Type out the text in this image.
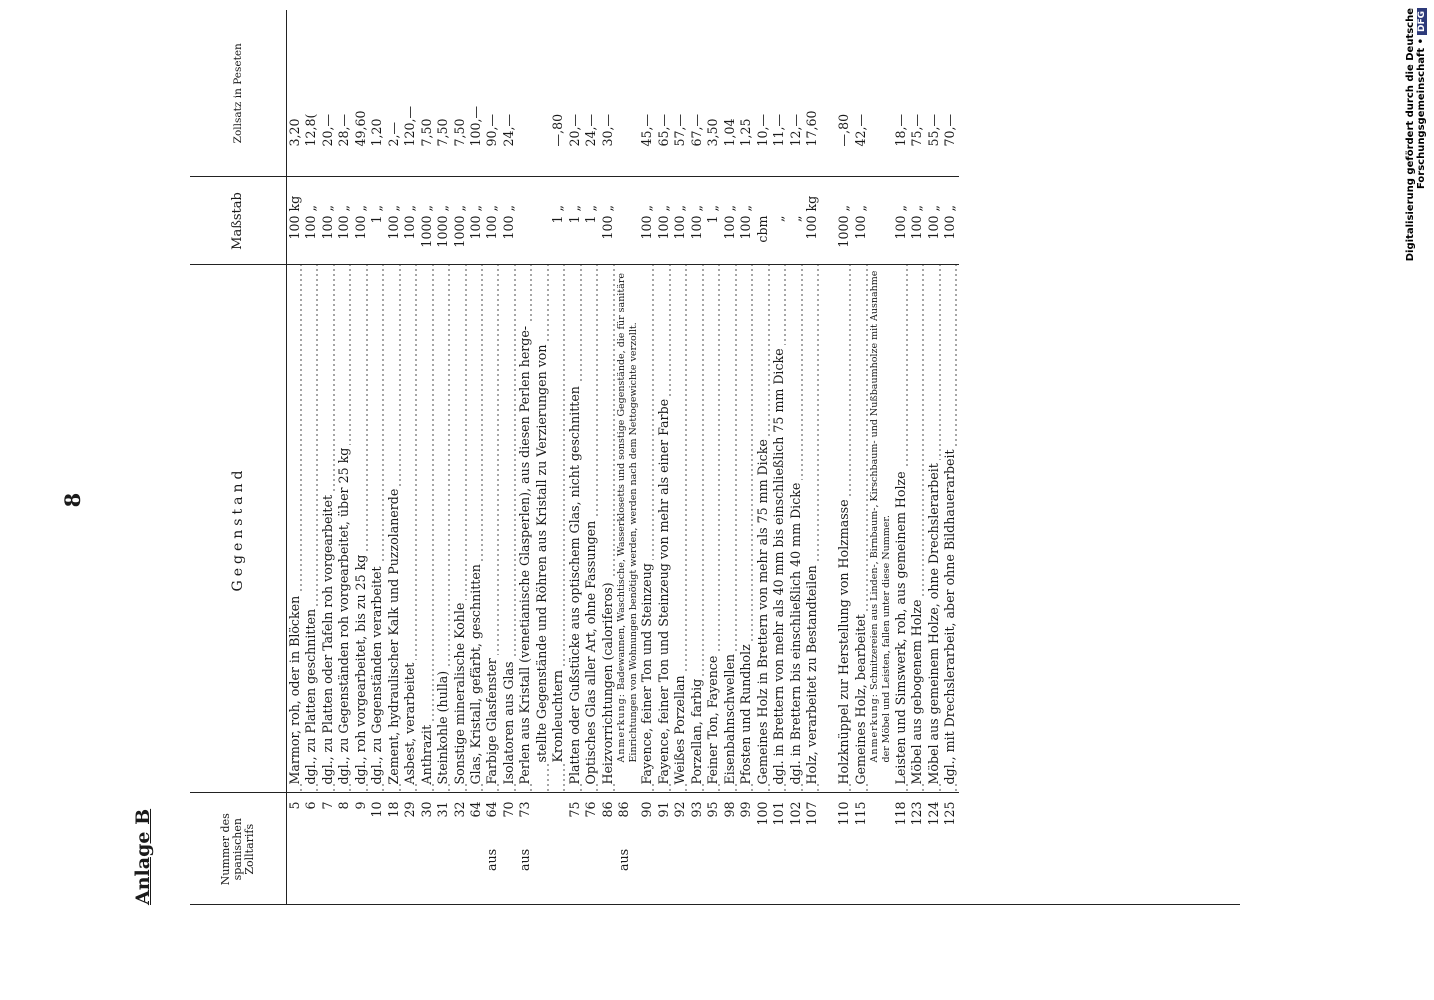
8
Anlage B	Nummer des spanischen Zolltarifs	Gegenstand	Maßstab	Zollsatz in Peseten

5	Marmor, roh, oder in Blöcken	100kg	3,20

6	dgl., zu Platten geschnitten	100„	12,8(

7	dgl., zu Platten oder Tafeln roh vorgearbeitet	100„	20,—

8	dgl., zu Gegenständen roh vorgearbeitet, über 25 kg	100„	28,—

9	dgl., roh vorgearbeitet, bis zu 25 kg	100„	49,60

10	dgl., zu Gegenständen verarbeitet	1„	1,20

18	Zement, hydraulischer Kalk und Puzzolanerde	100„	2,—

29	Asbest, verarbeitet	100„	120,—

30	Anthrazit	1000„	7,50

31	Steinkohle (hulla)	1000„	7,50

32	Sonstige mineralische Kohle	1000„	7,50

64	Glas, Kristall, gefärbt, geschnitten	100„	100,—

aus
64	Farbige Glasfenster	100„	90,—

70	Isolatoren aus Glas	100„	24,—

aus
73	Perlen aus Kristall (venetianische Glasperlen), aus diesen Perlen herge-		

	stellte Gegenstände und Röhren aus Kristall zu Verzierungen von		

	Kronleuchtern	1„	—,80

75	Platten oder Gußstücke aus optischem Glas, nicht geschnitten	1„	20,—

76	Optisches Glas aller Art, ohne Fassungen	1„	24,—

86	Heizvorrichtungen (caloriferos)	100„	30,—

aus
86	Anmerkung: Badewannen, Waschtische, Wasserklosetts und sonstige Gegenstände, die für sanitäre Einrichtungen von Wohnungen benötigt werden, werden nach dem Nettogewichte verzollt.		

90	Fayence, feiner Ton und Steinzeug	100„	45,—

91	Fayence, feiner Ton und Steinzeug von mehr als einer Farbe	100„	65,—

92	Weißes Porzellan	100„	57,—

93	Porzellan, farbig	100„	67,—

95	Feiner Ton, Fayence	1„	3,50

98	Eisenbahnschwellen	100„	1,04

99	Pfosten und Rundholz	100„	1,25

100	Gemeines Holz in Brettern von mehr als 75 mm Dicke	cbm	10,—

101	dgl. in Brettern von mehr als 40 mm bis einschließlich 75 mm Dicke	„	11,—

102	dgl. in Brettern bis einschließlich 40 mm Dicke	„	12,—

107	Holz, verarbeitet zu Bestandteilen	100kg	17,60

110	Holzknüppel zur Herstellung von Holzmasse	1000„	—,80

115	Gemeines Holz, bearbeitet	100„	42,—

	Anmerkung: Schnitzereien aus Linden-, Birnbaum-, Kirschbaum- und Nußbaumholze mit Ausnahme der Möbel und Leisten, fallen unter diese Nummer.		

118	Leisten und Simswerk, roh, aus gemeinem Holze	100„	18,—

123	Möbel aus gebogenem Holze	100„	75,—

124	Möbel aus gemeinem Holze, ohne Drechslerarbeit	100„	55,—

125	dgl., mit Drechslerarbeit, aber ohne Bildhauerarbeit	100„	70,—	Digitalisierung gefördert durch die Deutsche Forschungsgemeinschaft •DFG
